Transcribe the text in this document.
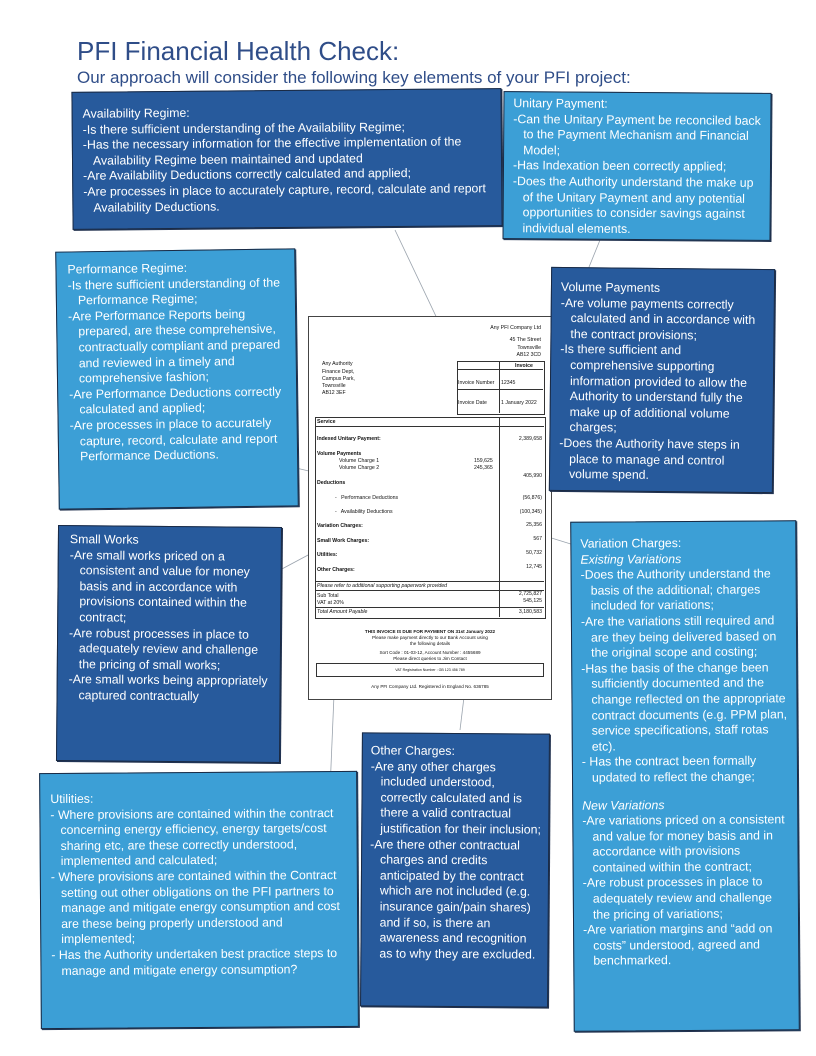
PFI Financial Health Check:
Our approach will consider the following key elements of your PFI project:
Any PFI Company Ltd
45 The Street
Townsville
AB12 3CD
Any Authority
Finance Dept,
Campus Park,
Townsville
AB12 3EF
Invoice
Invoice Number 12345
Invoice Date	1 January 2022
Service
Indexed Unitary Payment:	2,389,658
Volume Payments
Volume Charge 1	159,625
Volume Charge 2	245,365
405,990
Deductions
-   Performance Deductions	(56,876)
-   Availability Deductions	(100,345)
Variation Charges:	25,356
Small Work Charges:	567
Utilities:	50,732
Other Charges:	12,745
Please refer to additional supporting paperwork provided
Sub Total	2,725,827
VAT at 20%	545,125
Total Amount Payable	3,180,583
THIS INVOICE IS DUE FOR PAYMENT ON 31st January 2022
Please make payment directly to our Bank Account using
the following details
Sort Code : 01-03-12, Account Number : 4455689
Please direct queries to Jim Contact
VAT Registration Number : GB 123 456 789
Any PFI Company Ltd. Registered in England No. 636785
Availability Regime:
-Is there sufficient understanding of the Availability Regime;
-Has the necessary information for the effective implementation of the Availability Regime been maintained and updated
-Are Availability Deductions correctly calculated and applied;
-Are processes in place to accurately capture, record, calculate and report Availability Deductions.
Unitary Payment:
-Can the Unitary Payment be reconciled back to the Payment Mechanism and Financial Model;
-Has Indexation been correctly applied;
-Does the Authority understand the make up of the Unitary Payment and any potential opportunities to consider savings against individual elements.
Performance Regime:
-Is there sufficient understanding of the Performance Regime;
-Are Performance Reports being prepared, are these comprehensive, contractually compliant and prepared and reviewed in a timely and comprehensive fashion;
-Are Performance Deductions correctly calculated and applied;
-Are processes in place to accurately capture, record, calculate and report Performance Deductions.
Volume Payments
-Are volume payments correctly calculated and in accordance with the contract provisions;
-Is there sufficient and comprehensive supporting information provided to allow the Authority to understand fully the make up of additional volume charges;
-Does the Authority have steps in place to manage and control volume spend.
Small Works
-Are small works priced on a consistent and value for money basis and in accordance with provisions contained within the contract;
-Are robust processes in place to adequately review and challenge the pricing of small works;
-Are small works being appropriately captured contractually
Variation Charges:
Existing Variations
-Does the Authority understand the basis of the additional; charges included for variations;
-Are the variations still required and are they being delivered based on the original scope and costing;
-Has the basis of the change been sufficiently documented and the change reflected on the appropriate contract documents (e.g. PPM plan, service specifications, staff rotas etc).
- Has the contract been formally updated to reflect the change;
New Variations
-Are variations priced on a consistent and value for money basis and in accordance with provisions contained within the contract;
-Are robust processes in place to adequately review and challenge the pricing of variations;
-Are variation margins and “add on costs” understood, agreed and benchmarked.
Other Charges:
-Are any other charges included understood, correctly calculated and is there a valid contractual justification for their inclusion;
-Are there other contractual charges and credits anticipated by the contract which are not included (e.g. insurance gain/pain shares) and if so, is there an awareness and recognition as to why they are excluded.
Utilities:
- Where provisions are contained within the contract concerning energy efficiency, energy targets/cost sharing etc, are these correctly understood, implemented and calculated;
- Where provisions are contained within the Contract setting out other obligations on the PFI partners to manage and mitigate energy consumption and cost are these being properly understood and implemented;
- Has the Authority undertaken best practice steps to manage and mitigate energy consumption?
